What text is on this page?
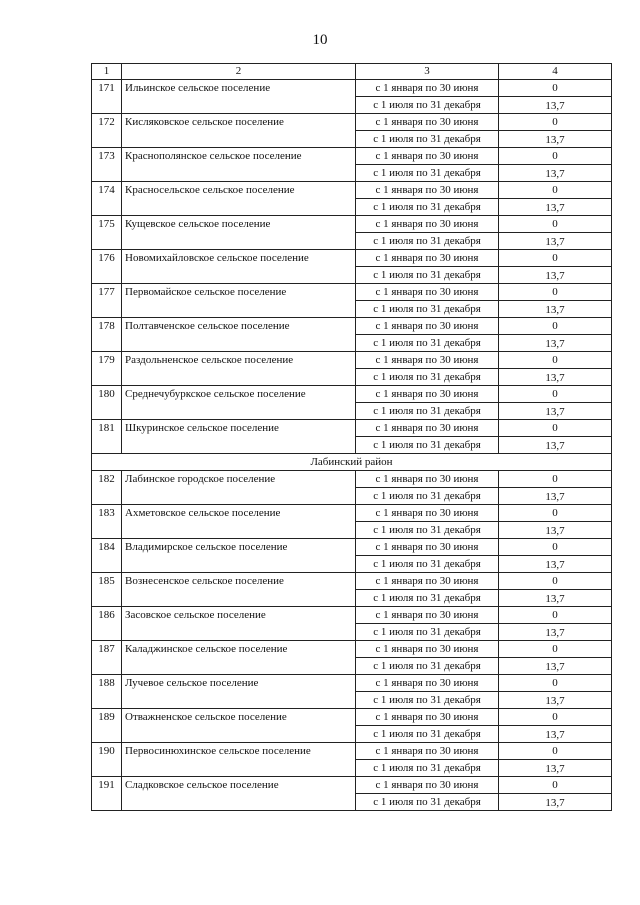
10
1	2	3	4
171	Ильинское сельское поселение	с 1 января по 30 июня	0
		с 1 июля по 31 декабря	13,7
172	Кисляковское сельское поселение	с 1 января по 30 июня	0
		с 1 июля по 31 декабря	13,7
173	Краснополянское сельское поселение	с 1 января по 30 июня	0
		с 1 июля по 31 декабря	13,7
174	Красносельское сельское поселение	с 1 января по 30 июня	0
		с 1 июля по 31 декабря	13,7
175	Кущевское сельское поселение	с 1 января по 30 июня	0
		с 1 июля по 31 декабря	13,7
176	Новомихайловское сельское поселение	с 1 января по 30 июня	0
		с 1 июля по 31 декабря	13,7
177	Первомайское сельское поселение	с 1 января по 30 июня	0
		с 1 июля по 31 декабря	13,7
178	Полтавченское сельское поселение	с 1 января по 30 июня	0
		с 1 июля по 31 декабря	13,7
179	Раздольненское сельское поселение	с 1 января по 30 июня	0
		с 1 июля по 31 декабря	13,7
180	Среднечубуркское сельское поселение	с 1 января по 30 июня	0
		с 1 июля по 31 декабря	13,7
181	Шкуринское сельское поселение	с 1 января по 30 июня	0
		с 1 июля по 31 декабря	13,7
Лабинский район			
182	Лабинское городское поселение	с 1 января по 30 июня	0
		с 1 июля по 31 декабря	13,7
183	Ахметовское сельское поселение	с 1 января по 30 июня	0
		с 1 июля по 31 декабря	13,7
184	Владимирское сельское поселение	с 1 января по 30 июня	0
		с 1 июля по 31 декабря	13,7
185	Вознесенское сельское поселение	с 1 января по 30 июня	0
		с 1 июля по 31 декабря	13,7
186	Засовское сельское поселение	с 1 января по 30 июня	0
		с 1 июля по 31 декабря	13,7
187	Каладжинское сельское поселение	с 1 января по 30 июня	0
		с 1 июля по 31 декабря	13,7
188	Лучевое сельское поселение	с 1 января по 30 июня	0
		с 1 июля по 31 декабря	13,7
189	Отважненское сельское поселение	с 1 января по 30 июня	0
		с 1 июля по 31 декабря	13,7
190	Первосинюхинское сельское поселение	с 1 января по 30 июня	0
		с 1 июля по 31 декабря	13,7
191	Сладковское сельское поселение	с 1 января по 30 июня	0
		с 1 июля по 31 декабря	13,7
